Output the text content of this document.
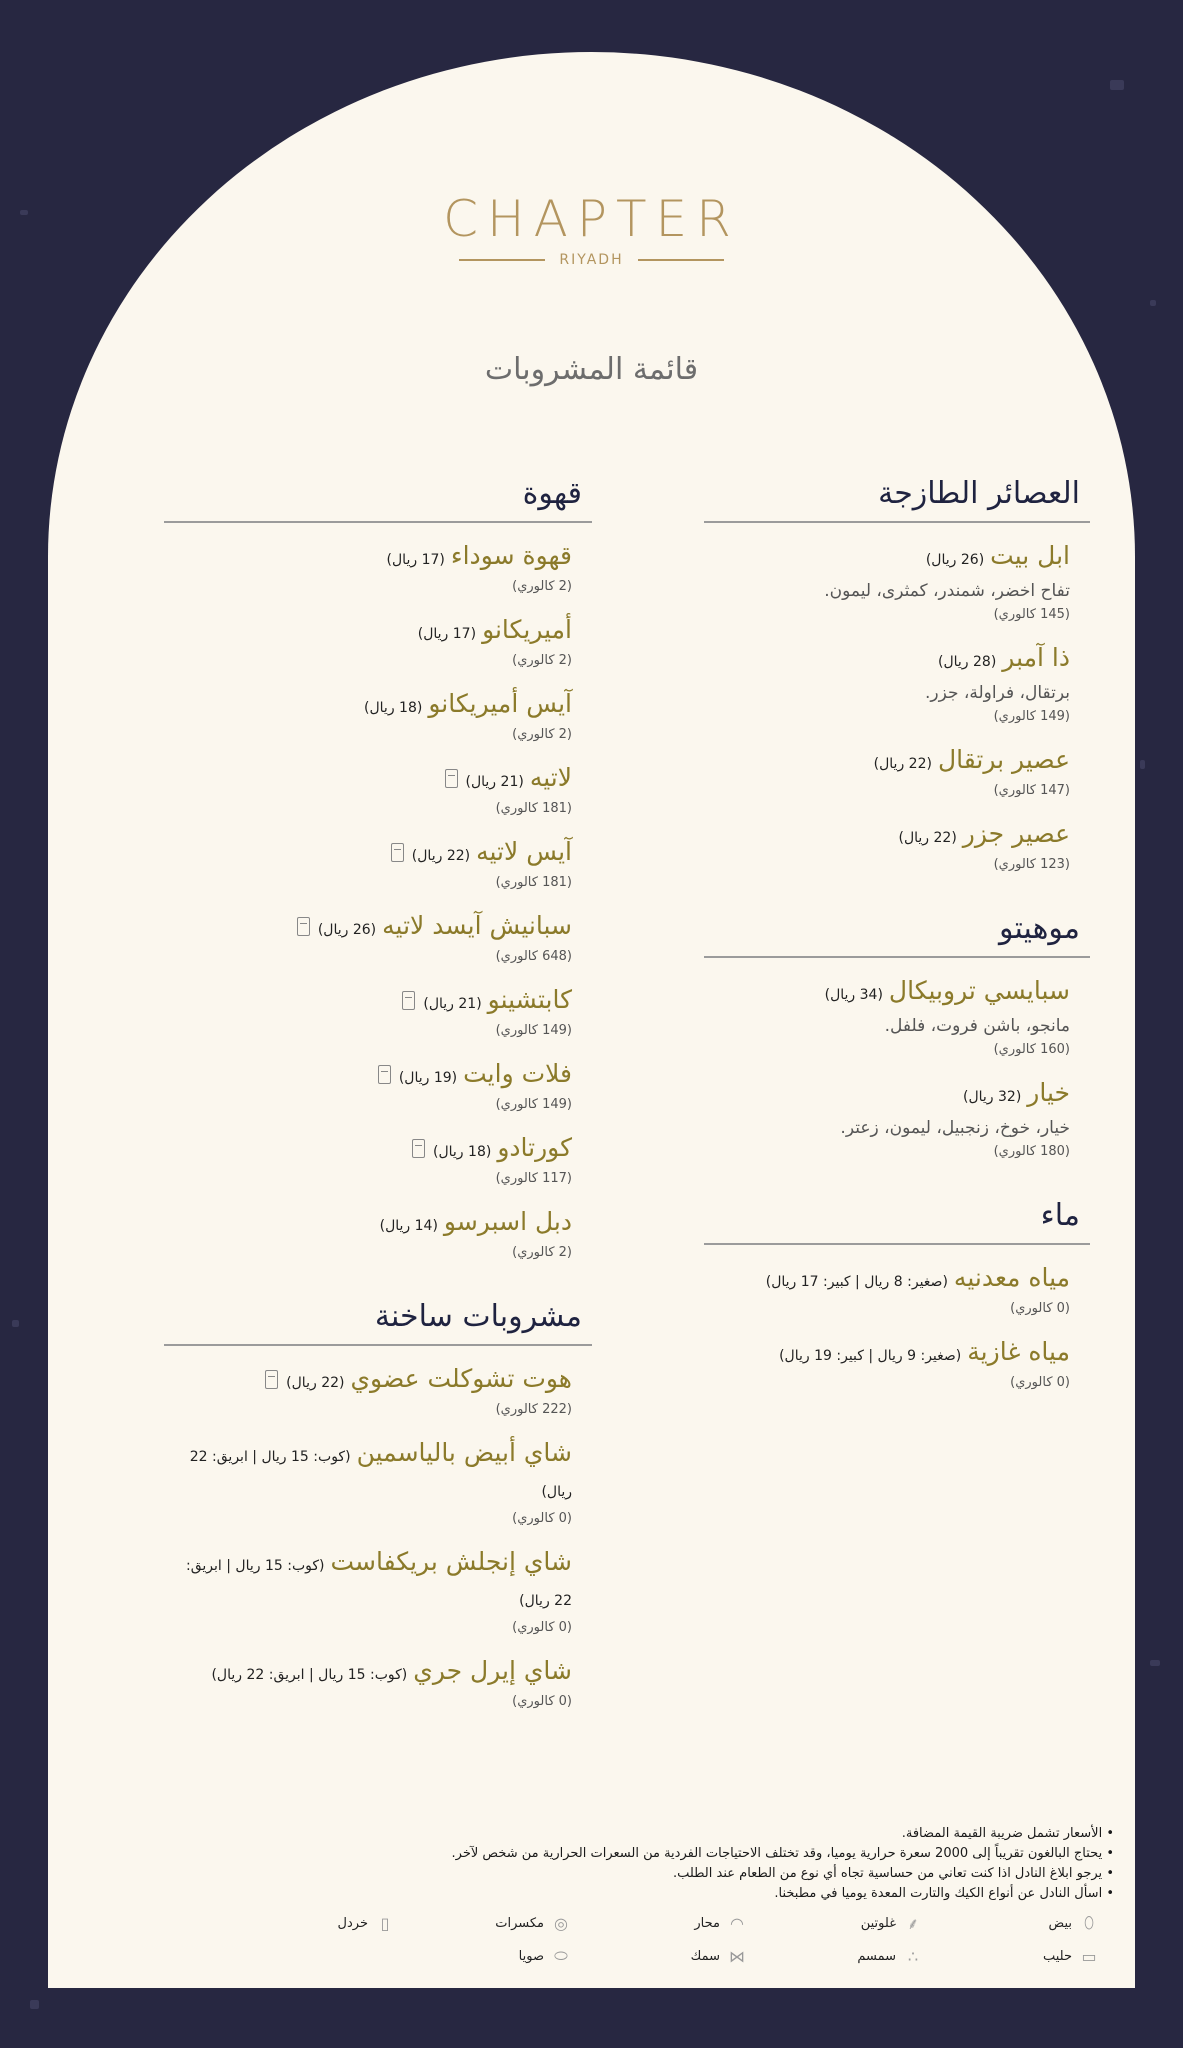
CHAPTER
RIYADH
قائمة المشروبات
العصائر الطازجة
ابل بيت(26 ريال)
تفاح اخضر، شمندر، كمثرى، ليمون.
(145 كالوري)
ذا آمبر(28 ريال)
برتقال، فراولة، جزر.
(149 كالوري)
عصير برتقال(22 ريال)
(147 كالوري)
عصير جزر(22 ريال)
(123 كالوري)
موهيتو
سبايسي تروبيكال(34 ريال)
مانجو، باشن فروت، فلفل.
(160 كالوري)
خيار(32 ريال)
خيار، خوخ، زنجبيل، ليمون، زعتر.
(180 كالوري)
ماء
مياه معدنيه(صغير: 8 ريال | كبير: 17 ريال)
(0 كالوري)
مياه غازية(صغير: 9 ريال | كبير: 19 ريال)
(0 كالوري)
قهوة
قهوة سوداء(17 ريال)
(2 كالوري)
أميريكانو(17 ريال)
(2 كالوري)
آيس أميريكانو(18 ريال)
(2 كالوري)
لاتيه(21 ريال)
(181 كالوري)
آيس لاتيه(22 ريال)
(181 كالوري)
سبانيش آيسد لاتيه(26 ريال)
(648 كالوري)
كابتشينو(21 ريال)
(149 كالوري)
فلات وايت(19 ريال)
(149 كالوري)
كورتادو(18 ريال)
(117 كالوري)
دبل اسبرسو(14 ريال)
(2 كالوري)
مشروبات ساخنة
هوت تشوكلت عضوي(22 ريال)
(222 كالوري)
شاي أبيض بالياسمين(كوب: 15 ريال | ابريق: 22 ريال)
(0 كالوري)
شاي إنجلش بريكفاست(كوب: 15 ريال | ابريق: 22 ريال)
(0 كالوري)
شاي إيرل جري(كوب: 15 ريال | ابريق: 22 ريال)
(0 كالوري)
• الأسعار تشمل ضريبة القيمة المضافة.
• يحتاج البالغون تقريباً إلى 2000 سعرة حرارية يوميا، وقد تختلف الاحتياجات الفردية من السعرات الحرارية من شخص لآخر.
• يرجو ابلاغ النادل اذا كنت تعاني من حساسية تجاه أي نوع من الطعام عند الطلب.
• اسأل النادل عن أنواع الكيك والتارت المعدة يوميا في مطبخنا.
⬯
بيض
⸙
غلوتين
◠
محار
◎
مكسرات
▯
خردل
▭
حليب
∴
سمسم
⋈
سمك
⬭
صويا
